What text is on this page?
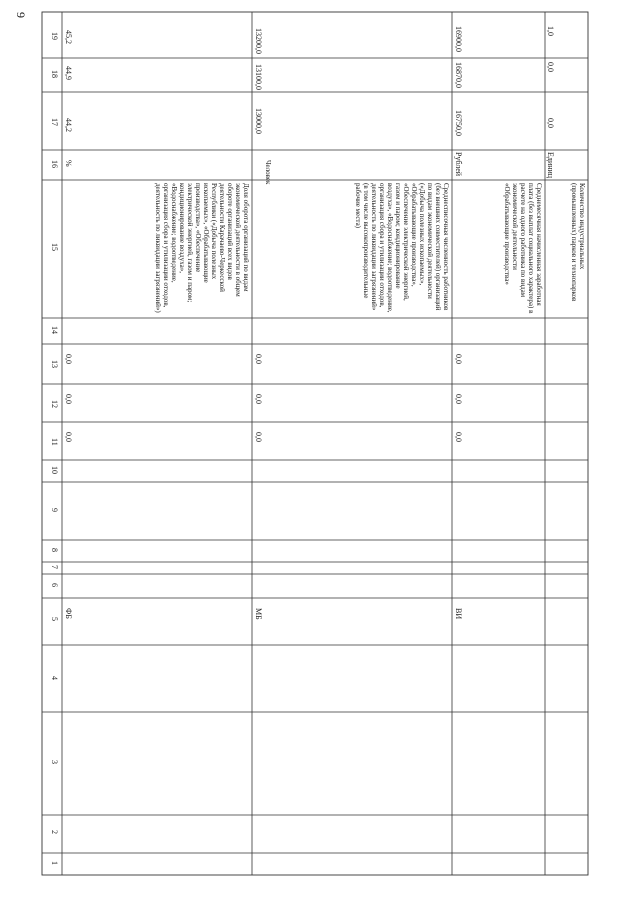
9
19
18
17
16
15
14
13
12
11
10
9
8
7
6
5
4
3
2
1
45,2
44,9
44,2
%
Доля оборота организаций по видам экономической деятельности в общем обороте организаций всех видов деятельности Карачаево-Черкесской Республики («Добыча полезных ископаемых», «Обрабатывающие производства», «Обеспечение электрической энергией, газом и паром; кондиционирование воздуха», «Водоснабжение; водоотведение, организация сбора и утилизации отходов, деятельность по ликвидации загрязнений»)
0,0
0,0
0,0
ФБ
13200,0
13100,0
13000,0
Человек
Среднесписочная численность работников (без внешних совместителей) организаций по видам экономической деятельности («Добыча полезных ископаемых», «Обрабатывающие производства», «Обеспечение электрической энергией, газом и паром; кондиционирование воздуха», «Водоснабжение; водоотведение, организация сбора и утилизации отходов, деятельность по ликвидации загрязнений» (в том числе высокопроизводительные рабочие места)
0,0
0,0
0,0
МБ
16900,0
16870,0
16750,0
Рублей
Среднемесячная начисленная заработная плата (без выплат социального характера) в расчете на одного работника по видам экономической деятельности «Обрабатывающие производства»
0,0
0,0
0,0
ВИ
1,0
0,0
0,0
Единиц
Количество индустриальных (промышленных) парков и технопарков
